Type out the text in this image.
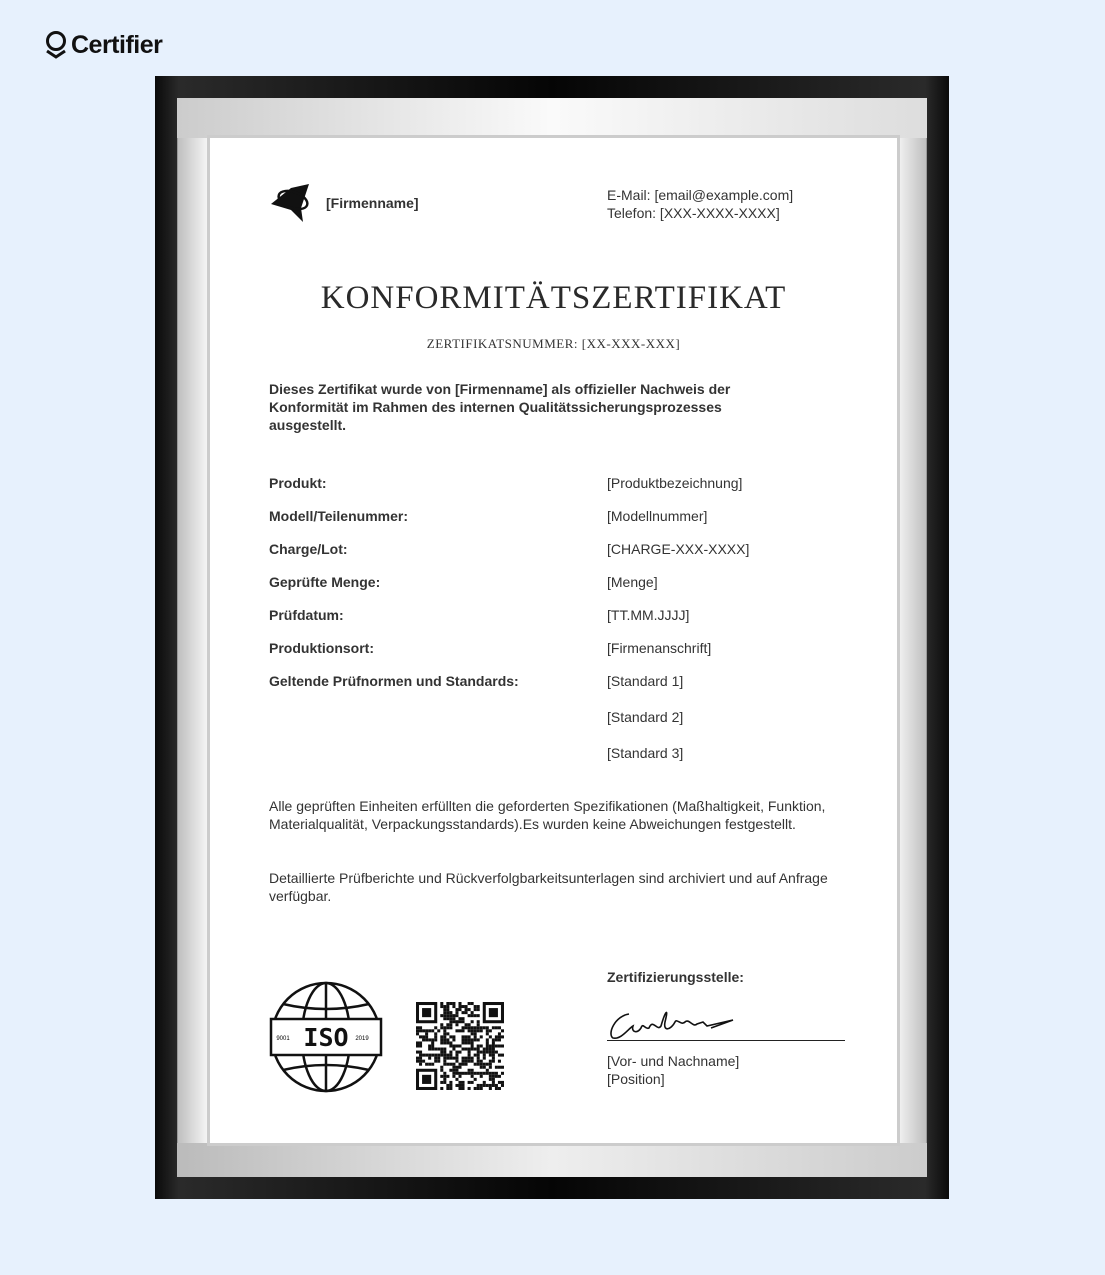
Certifier
[Firmenname]	E-Mail: [email@example.com]
Telefon: [XXX-XXXX-XXXX]
KONFORMITÄTSZERTIFIKAT
ZERTIFIKATSNUMMER: [XX-XXX-XXX]
Dieses Zertifikat wurde von [Firmenname] als offizieller Nachweis der Konformität im Rahmen des internen Qualitätssicherungsprozesses ausgestellt.
Produkt:	[Produktbezeichnung]
Modell/Teilenummer:	[Modellnummer]
Charge/Lot:	[CHARGE-XXX-XXXX]
Geprüfte Menge:	[Menge]
Prüfdatum:	[TT.MM.JJJJ]
Produktionsort:	[Firmenanschrift]
Geltende Prüfnormen und Standards:	[Standard 1]
[Standard 2]
[Standard 3]
Alle geprüften Einheiten erfüllten die geforderten Spezifikationen (Maßhaltigkeit, Funktion, Materialqualität, Verpackungsstandards).Es wurden keine Abweichungen festgestellt.
Detaillierte Prüfberichte und Rückverfolgbarkeitsunterlagen sind archiviert und auf Anfrage verfügbar.
ISO
9001	2019
Zertifizierungsstelle:
[Vor- und Nachname]
[Position]
